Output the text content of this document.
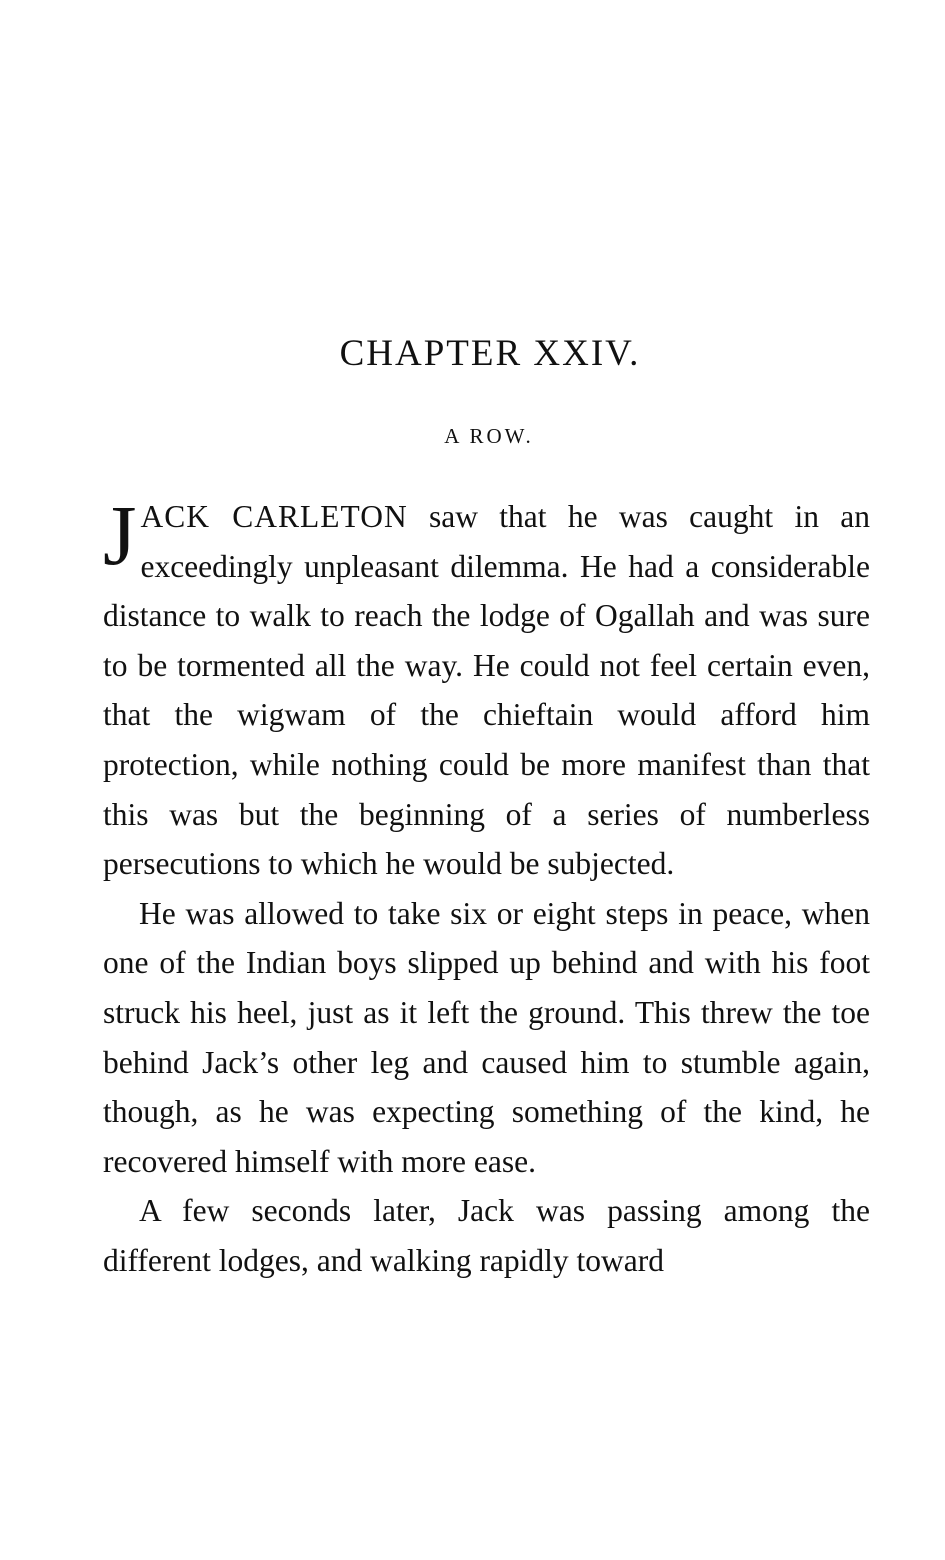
CHAPTER XXIV.
A ROW.

JACK CARLETON saw that he was caught in an exceedingly unpleasant dilemma. He had a considerable distance to walk to reach the lodge of Ogallah and was sure to be tormented all the way. He could not feel certain even, that the wigwam of the chieftain would afford him protection, while nothing could be more manifest than that this was but the beginning of a series of numberless persecutions to which he would be subjected.

He was allowed to take six or eight steps in peace, when one of the Indian boys slipped up behind and with his foot struck his heel, just as it left the ground. This threw the toe behind Jack’s other leg and caused him to stumble again, though, as he was expecting something of the kind, he recovered himself with more ease.

A few seconds later, Jack was passing among the different lodges, and walking rapidly toward
